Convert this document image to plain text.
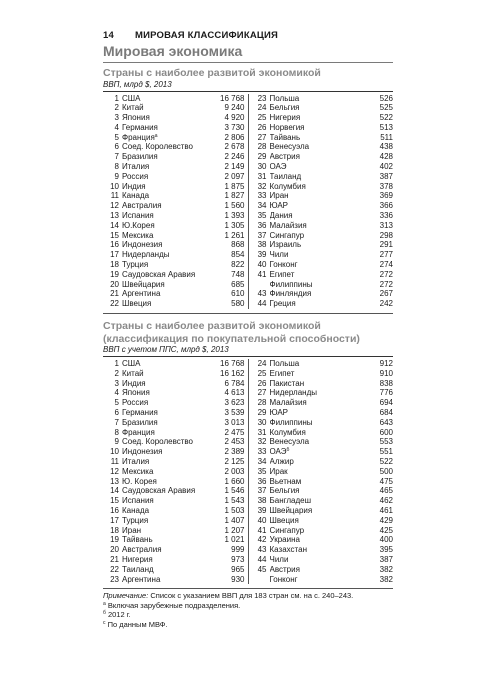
14	МИРОВАЯ КЛАССИФИКАЦИЯ
Мировая экономика
Страны с наиболее развитой экономикой
ВВП, млрд $, 2013
1 США	16 768
2 Китай	9 240
3 Япония	4 920
4 Германия	3 730
5 Франция$^a$	2 806
6 Соед. Королевство	2 678
7 Бразилия	2 246
8 Италия	2 149
9 Россия	2 097
10 Индия	1 875
11 Канада	1 827
12 Австралия	1 560
13 Испания	1 393
14 Ю.Корея	1 305
15 Мексика	1 261
16 Индонезия	868
17 Нидерланды	854
18 Турция	822
19 Саудовская Аравия	748
20 Швейцария	685
21 Аргентина	610
22 Швеция	580
23 Польша	526
24 Бельгия	525
25 Нигерия	522
26 Норвегия	513
27 Тайвань	511
28 Венесуэла	438
29 Австрия	428
30 ОАЭ	402
31 Таиланд	387
32 Колумбия	378
33 Иран	369
34 ЮАР	366
35 Дания	336
36 Малайзия	313
37 Сингапур	298
38 Израиль	291
39 Чили	277
40 Гонконг	274
41 Египет	272
Филиппины	272
43 Финляндия	267
44 Греция	242
Страны с наиболее развитой экономикой
(классификация по покупательной способности)
ВВП с учетом ППС, млрд $, 2013
1 США	16 768
2 Китай	16 162
3 Индия	6 784
4 Япония	4 613
5 Россия	3 623
6 Германия	3 539
7 Бразилия	3 013
8 Франция	2 475
9 Соед. Королевство	2 453
10 Индонезия	2 389
11 Италия	2 125
12 Мексика	2 003
13 Ю. Корея	1 660
14 Саудовская Аравия	1 546
15 Испания	1 543
16 Канада	1 503
17 Турция	1 407
18 Иран	1 207
19 Тайвань	1 021
20 Австралия	999
21 Нигерия	973
22 Таиланд	965
23 Аргентина	930
24 Польша	912
25 Египет	910
26 Пакистан	838
27 Нидерланды	776
28 Малайзия	694
29 ЮАР	684
30 Филиппины	643
31 Колумбия	600
32 Венесуэла	553
33 $ОАЭ^б$	551
34 Алжир	522
35 Ирак	500
36 Вьетнам	475
37 Бельгия	465
38 Бангладеш	462
39 Швейцария	461
40 Швеция	429
41 Сингапур	425
42 Украина	400
43 Казахстан	395
44 Чили	387
45 Австрия	382
Гонконг	382
Примечание: Список с указанием ВВП для 183 стран см. на с. 240–243.
$^a$ Включая зарубежные подразделения.
$^б$ 2012 г.
$^с$ По данным МВФ.
